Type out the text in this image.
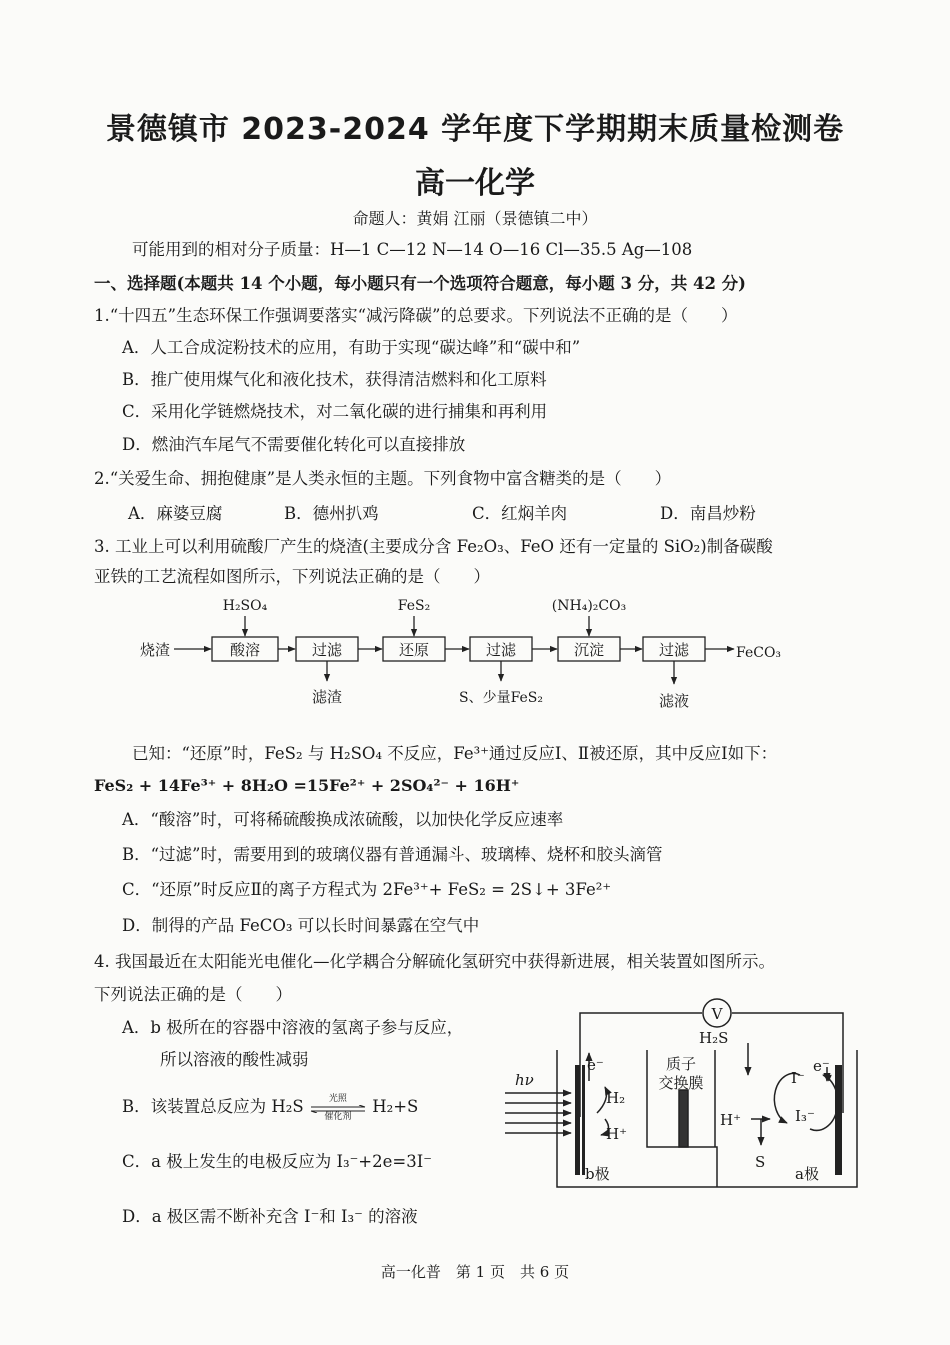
景德镇市 2023-2024 学年度下学期期末质量检测卷
高一化学
命题人：黄娟 江丽（景德镇二中）
可能用到的相对分子质量：H—1 C—12 N—14 O—16 Cl—35.5 Ag—108
一、选择题(本题共 14 个小题，每小题只有一个选项符合题意，每小题 3 分，共 42 分)
1.“十四五”生态环保工作强调要落实“减污降碳”的总要求。下列说法不正确的是（　　）
A．人工合成淀粉技术的应用，有助于实现“碳达峰”和“碳中和”
B．推广使用煤气化和液化技术，获得清洁燃料和化工原料
C．采用化学链燃烧技术，对二氧化碳的进行捕集和再利用
D．燃油汽车尾气不需要催化转化可以直接排放
2.“关爱生命、拥抱健康”是人类永恒的主题。下列食物中富含糖类的是（　　）
A．麻婆豆腐	B．德州扒鸡	C．红焖羊肉	D．南昌炒粉
3. 工业上可以利用硫酸厂产生的烧渣(主要成分含 Fe₂O₃、FeO 还有一定量的 SiO₂)制备碳酸
亚铁的工艺流程如图所示，下列说法正确的是（　　）
烧渣	酸溶	过滤	还原	过滤	沉淀	过滤	FeCO₃
H₂SO₄	FeS₂	(NH₄)₂CO₃
滤渣	S、少量FeS₂	滤液
已知：“还原”时，FeS₂ 与 H₂SO₄ 不反应，Fe³⁺通过反应Ⅰ、Ⅱ被还原，其中反应Ⅰ如下：
FeS₂ + 14Fe³⁺ + 8H₂O =15Fe²⁺ + 2SO₄²⁻ + 16H⁺
A．“酸溶”时，可将稀硫酸换成浓硫酸，以加快化学反应速率
B．“过滤”时，需要用到的玻璃仪器有普通漏斗、玻璃棒、烧杯和胶头滴管
C．“还原”时反应Ⅱ的离子方程式为 2Fe³⁺+ FeS₂ = 2S↓+ 3Fe²⁺
D．制得的产品 FeCO₃ 可以长时间暴露在空气中
4. 我国最近在太阳能光电催化—化学耦合分解硫化氢研究中获得新进展，相关装置如图所示。
下列说法正确的是（　　）
A．b 极所在的容器中溶液的氢离子参与反应，
所以溶液的酸性减弱
B．该装置总反应为 H₂S	光照
催化剂
H₂+S
C．a 极上发生的电极反应为 I₃⁻+2e=3I⁻
D．a 极区需不断补充含 I⁻和 I₃⁻ 的溶液
V
质子
交换膜
hν
e⁻	e⁻
H₂
H⁺
H₂S
I⁻
I₃⁻
H⁺
S
b极	a极
高一化普　第 1 页　共 6 页
